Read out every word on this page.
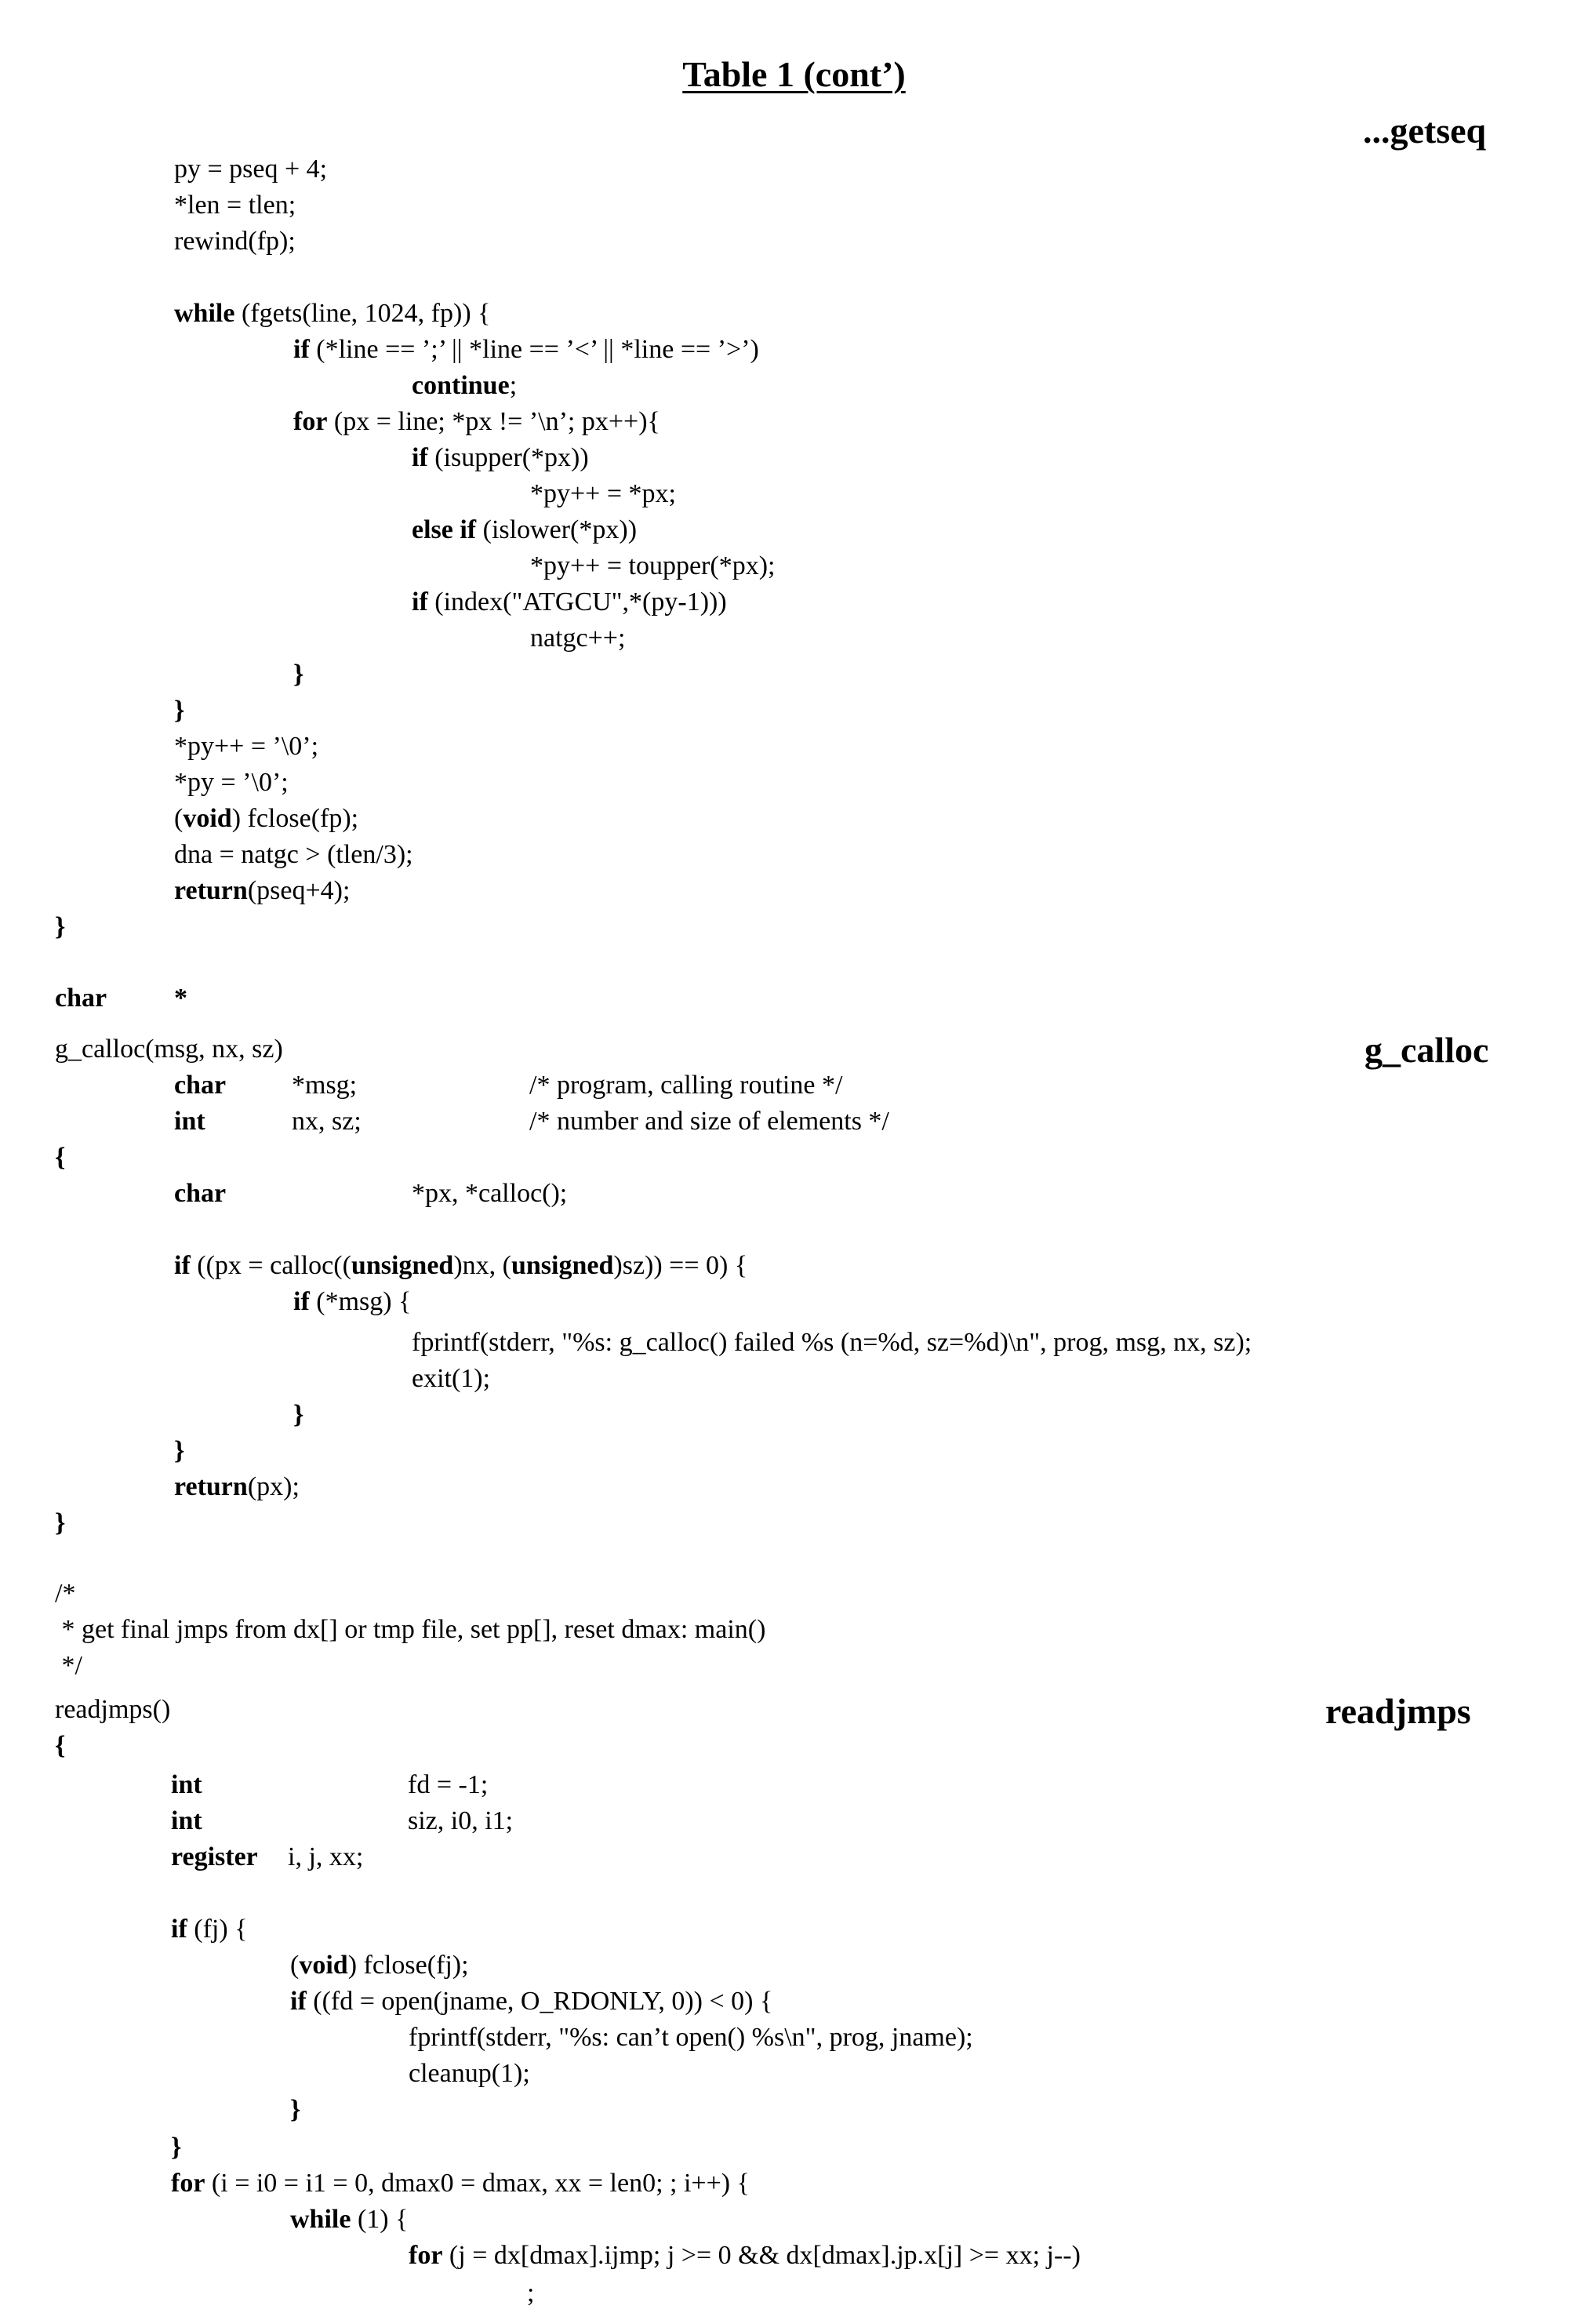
Table 1 (cont’)
...getseq
g_calloc
readjmps
py = pseq + 4;
*len = tlen;
rewind(fp);
while (fgets(line, 1024, fp)) {
if (*line == ’;’ || *line == ’<’ || *line == ’>’)
continue;
for (px = line; *px != ’\n’; px++){
if (isupper(*px))
*py++ = *px;
else if (islower(*px))
*py++ = toupper(*px);
if (index("ATGCU",*(py-1)))
natgc++;
}
}
*py++ = ’\0’;
*py = ’\0’;
(void) fclose(fp);
dna = natgc > (tlen/3);
return(pseq+4);
}
if ((px = calloc((unsigned)nx, (unsigned)sz)) == 0) {
if (*msg) {
fprintf(stderr, "%s: g_calloc() failed %s (n=%d, sz=%d)\n", prog, msg, nx, sz);
exit(1);
}
}
return(px);
}
if (fj) {
(void) fclose(fj);
if ((fd = open(jname, O_RDONLY, 0)) < 0) {
fprintf(stderr, "%s: can’t open() %s\n", prog, jname);
cleanup(1);
}
}
for (i = i0 = i1 = 0, dmax0 = dmax, xx = len0; ; i++) {
while (1) {
for (j = dx[dmax].ijmp; j >= 0 && dx[dmax].jp.x[j] >= xx; j--)
;
char	*
g_calloc(msg, nx, sz)
char *msg;	/* program, calling routine */
int	nx, sz;	/* number and size of elements */
{
char	*px, *calloc();
/*
* get final jmps from dx[] or tmp file, set pp[], reset dmax: main()
*/
readjmps()
{
int	fd = -1;
int	siz, i0, i1;
register i, j, xx;
